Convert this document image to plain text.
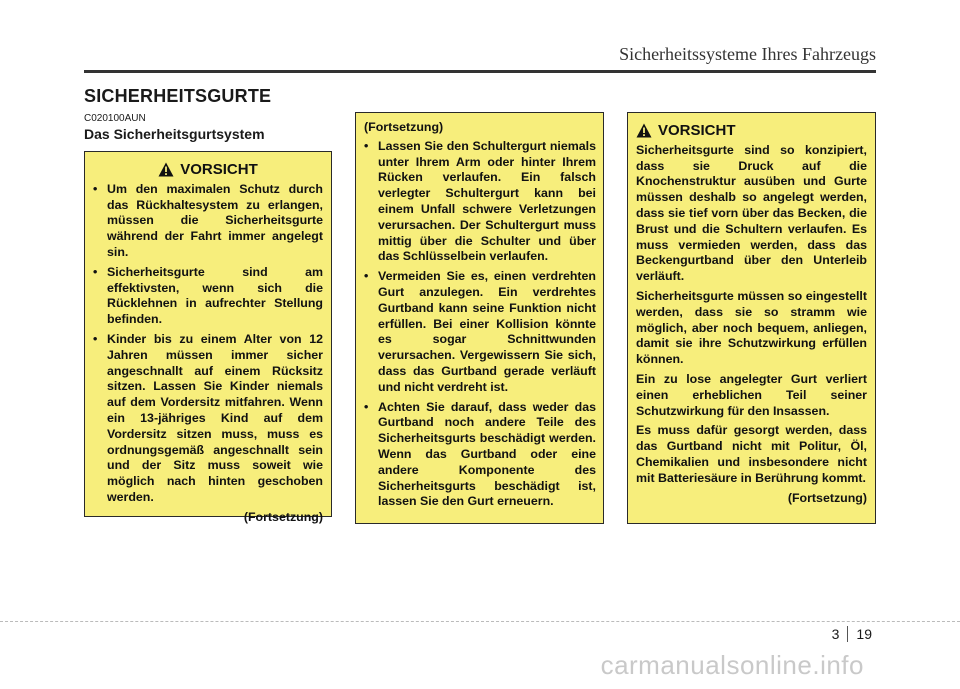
Sicherheitssysteme Ihres Fahrzeugs
SICHERHEITSGURTE
C020100AUN
Das Sicherheitsgurtsystem
VORSICHT
• Um den maximalen Schutz durch das Rückhaltesystem zu erlangen, müssen die Sicherheitsgurte während der Fahrt immer angelegt sin.
• Sicherheitsgurte sind am effektivsten, wenn sich die Rücklehnen in aufrechter Stellung befinden.
• Kinder bis zu einem Alter von 12 Jahren müssen immer sicher angeschnallt auf einem Rücksitz sitzen. Lassen Sie Kinder niemals auf dem Vordersitz mitfahren. Wenn ein 13-jähriges Kind auf dem Vordersitz sitzen muss, muss es ordnungsgemäß angeschnallt sein und der Sitz muss soweit wie möglich nach hinten geschoben werden.
(Fortsetzung)
(Fortsetzung)
• Lassen Sie den Schultergurt niemals unter Ihrem Arm oder hinter Ihrem Rücken verlaufen. Ein falsch verlegter Schultergurt kann bei einem Unfall schwere Verletzungen verursachen. Der Schultergurt muss mittig über die Schulter und über das Schlüsselbein verlaufen.
• Vermeiden Sie es, einen verdrehten Gurt anzulegen. Ein verdrehtes Gurtband kann seine Funktion nicht erfüllen. Bei einer Kollision könnte es sogar Schnittwunden verursachen. Vergewissern Sie sich, dass das Gurtband gerade verläuft und nicht verdreht ist.
• Achten Sie darauf, dass weder das Gurtband noch andere Teile des Sicherheitsgurts beschädigt werden. Wenn das Gurtband oder eine andere Komponente des Sicherheitsgurts beschädigt ist, lassen Sie den Gurt erneuern.
VORSICHT

Sicherheitsgurte sind so konzipiert, dass sie Druck auf die Knochenstruktur ausüben und Gurte müssen deshalb so angelegt werden, dass sie tief vorn über das Becken, die Brust und die Schultern verlaufen. Es muss vermieden werden, dass das Beckengurtband über den Unterleib verläuft.

Sicherheitsgurte müssen so eingestellt werden, dass sie so stramm wie möglich, aber noch bequem, anliegen, damit sie ihre Schutzwirkung erfüllen können.

Ein zu lose angelegter Gurt verliert einen erheblichen Teil seiner Schutzwirkung für den Insassen.

Es muss dafür gesorgt werden, dass das Gurtband nicht mit Politur, Öl, Chemikalien und insbesondere nicht mit Batteriesäure in Berührung kommt.

(Fortsetzung)
3 19
carmanualsonline.info
